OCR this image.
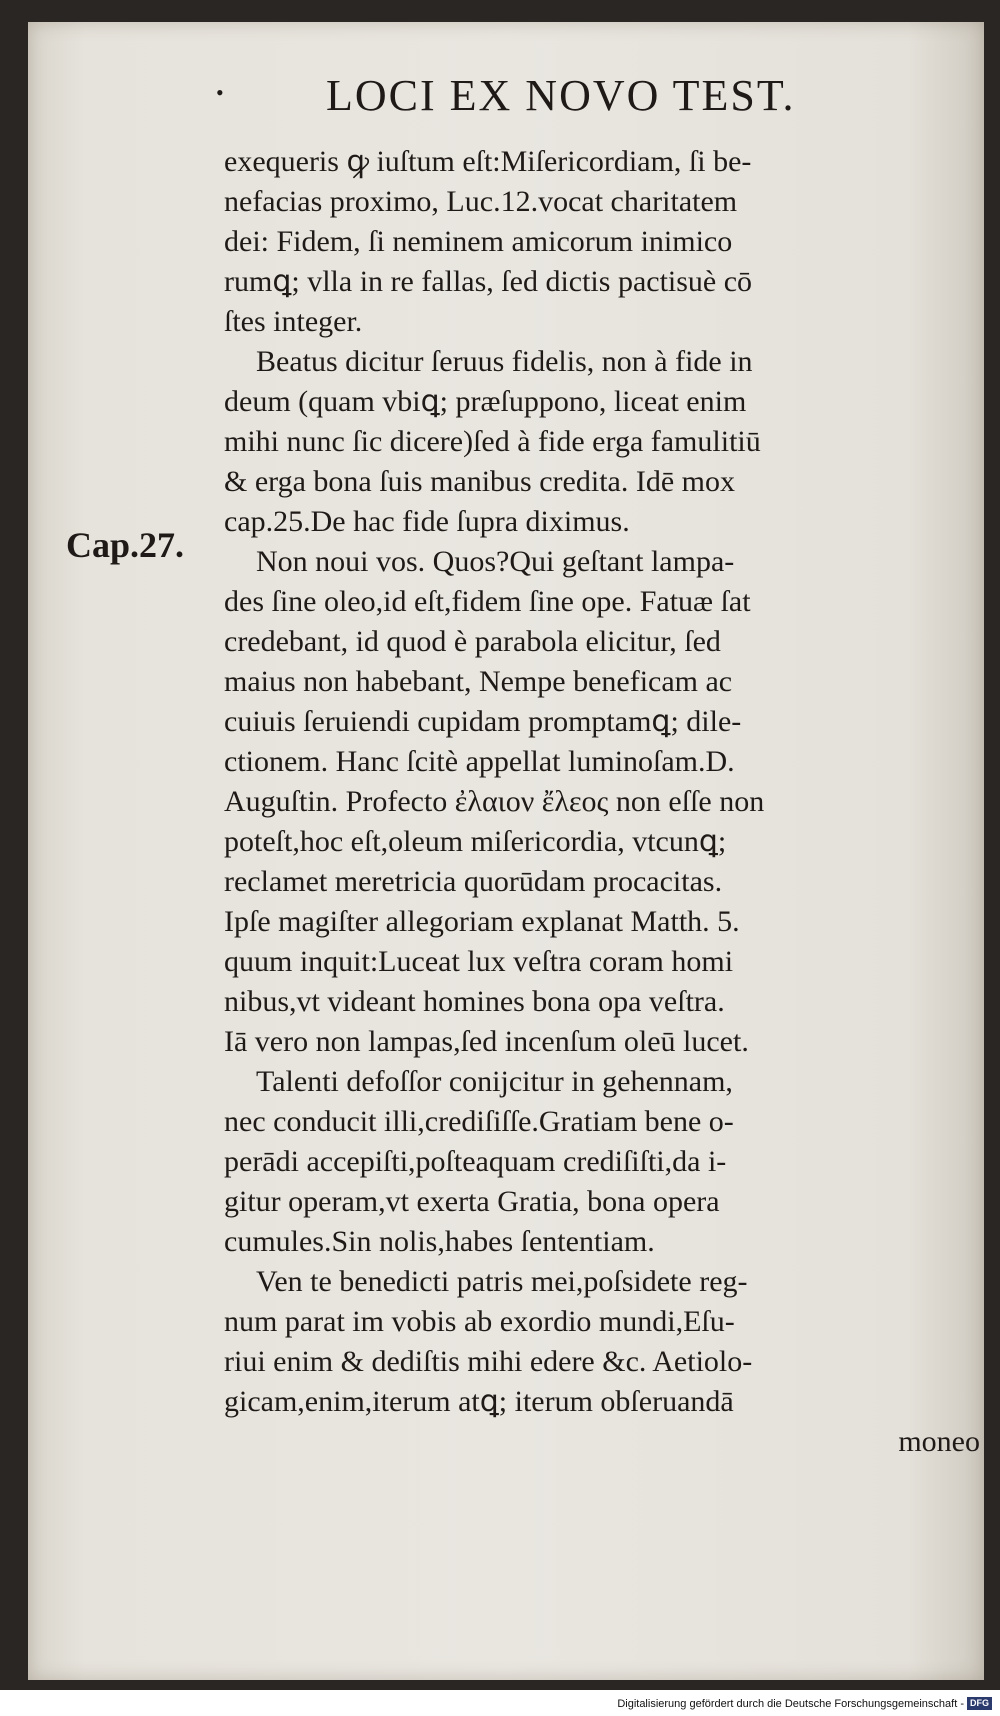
• LOCI EX NOVO TEST.
Cap.27.
exequeris ꝙ iuſtum eſt:Miſericordiam, ſi be-
nefacias proximo, Luc.12.vocat charitatem
dei: Fidem, ſi neminem amicorum inimico
rumꝗ; vlla in re fallas, ſed dictis pactisuè cō
ſtes integer.
Beatus dicitur ſeruus fidelis, non à fide in
deum (quam vbiꝗ; præſuppono, liceat enim
mihi nunc ſic dicere)ſed à fide erga famulitiū
& erga bona ſuis manibus credita. Idē mox
cap.25.De hac fide ſupra diximus.
Non noui vos. Quos?Qui geſtant lampa-
des ſine oleo,id eſt,fidem ſine ope. Fatuæ ſat
credebant, id quod è parabola elicitur, ſed
maius non habebant, Nempe beneficam ac
cuiuis ſeruiendi cupidam promptamꝗ; dile-
ctionem. Hanc ſcitè appellat luminoſam.D.
Auguſtin. Profecto ἐλαιον ἔλεος non eſſe non
poteſt,hoc eſt,oleum miſericordia, vtcunꝗ;
reclamet meretricia quorūdam procacitas.
Ipſe magiſter allegoriam explanat Matth. 5.
quum inquit:Luceat lux veſtra coram homi
nibus,vt videant homines bona opa veſtra.
Iā vero non lampas,ſed incenſum oleū lucet.
Talenti defoſſor conijcitur in gehennam,
nec conducit illi,crediſiſſe.Gratiam bene o-
perādi accepiſti,poſteaquam crediſiſti,da i-
gitur operam,vt exerta Gratia, bona opera
cumules.Sin nolis,habes ſententiam.
Ven te benedicti patris mei,poſsidete reg-
num parat im vobis ab exordio mundi,Eſu-
riui enim & dediſtis mihi edere &c. Aetiolo-
gicam,enim,iterum atꝗ; iterum obſeruandā
moneo
Digitalisierung gefördert durch die Deutsche Forschungsgemeinschaft - DFG
